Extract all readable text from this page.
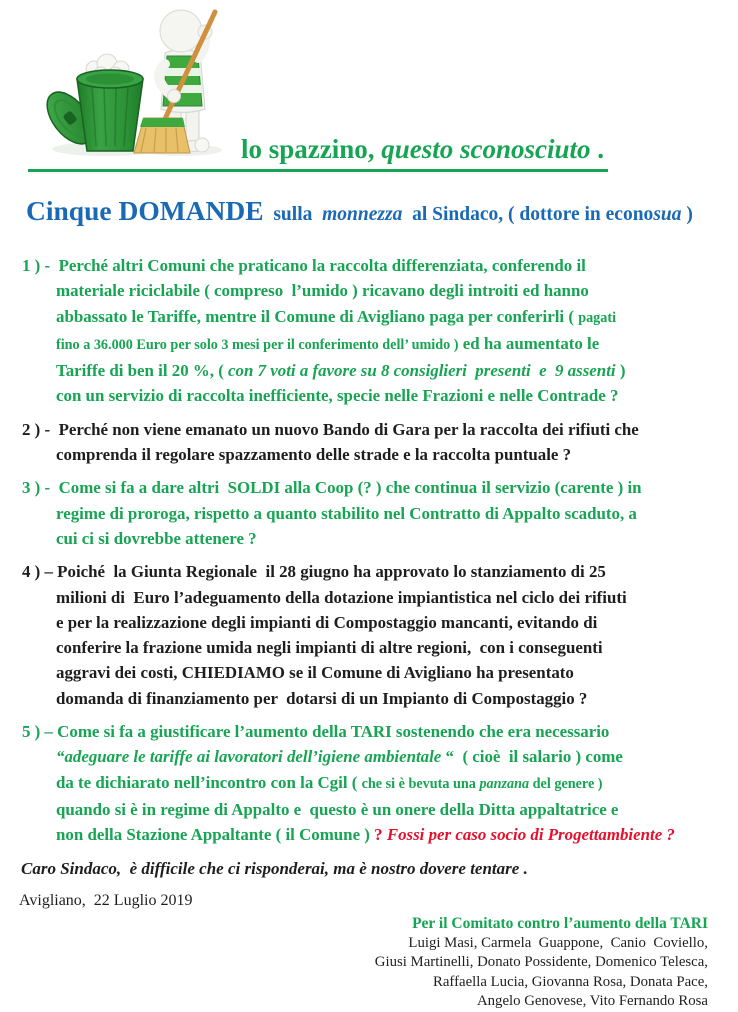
lo spazzino, questo sconosciuto .
Cinque DOMANDE  sulla  monnezza  al Sindaco, ( dottore in econosua )
1 ) -  Perché altri Comuni che praticano la raccolta differenziata, conferendo il
materiale riciclabile ( compreso  l’umido ) ricavano degli introiti ed hanno
abbassato le Tariffe, mentre il Comune di Avigliano paga per conferirli ( pagati
fino a 36.000 Euro per solo 3 mesi per il conferimento dell’ umido ) ed ha aumentato le
Tariffe di ben il 20 %, ( con 7 voti a favore su 8 consiglieri  presenti  e  9 assenti )
con un servizio di raccolta inefficiente, specie nelle Frazioni e nelle Contrade ?
2 ) -  Perché non viene emanato un nuovo Bando di Gara per la raccolta dei rifiuti che
comprenda il regolare spazzamento delle strade e la raccolta puntuale ?
3 ) -  Come si fa a dare altri  SOLDI alla Coop (? ) che continua il servizio (carente ) in
regime di proroga, rispetto a quanto stabilito nel Contratto di Appalto scaduto, a
cui ci si dovrebbe attenere ?
4 ) – Poiché  la Giunta Regionale  il 28 giugno ha approvato lo stanziamento di 25
milioni di  Euro l’adeguamento della dotazione impiantistica nel ciclo dei rifiuti
e per la realizzazione degli impianti di Compostaggio mancanti, evitando di
conferire la frazione umida negli impianti di altre regioni,  con i conseguenti
aggravi dei costi, CHIEDIAMO se il Comune di Avigliano ha presentato
domanda di finanziamento per  dotarsi di un Impianto di Compostaggio ?
5 ) – Come si fa a giustificare l’aumento della TARI sostenendo che era necessario
“adeguare le tariffe ai lavoratori dell’igiene ambientale “  ( cioè  il salario ) come
da te dichiarato nell’incontro con la Cgil ( che si è bevuta una panzana del genere )
quando si è in regime di Appalto e  questo è un onere della Ditta appaltatrice e
non della Stazione Appaltante ( il Comune ) ? Fossi per caso socio di Progettambiente ?
Caro Sindaco,  è difficile che ci risponderai, ma è nostro dovere tentare .
Avigliano,  22 Luglio 2019
Per il Comitato contro l’aumento della TARI
Luigi Masi, Carmela  Guappone,  Canio  Coviello,
Giusi Martinelli, Donato Possidente, Domenico Telesca,
Raffaella Lucia, Giovanna Rosa, Donata Pace,
Angelo Genovese, Vito Fernando Rosa
